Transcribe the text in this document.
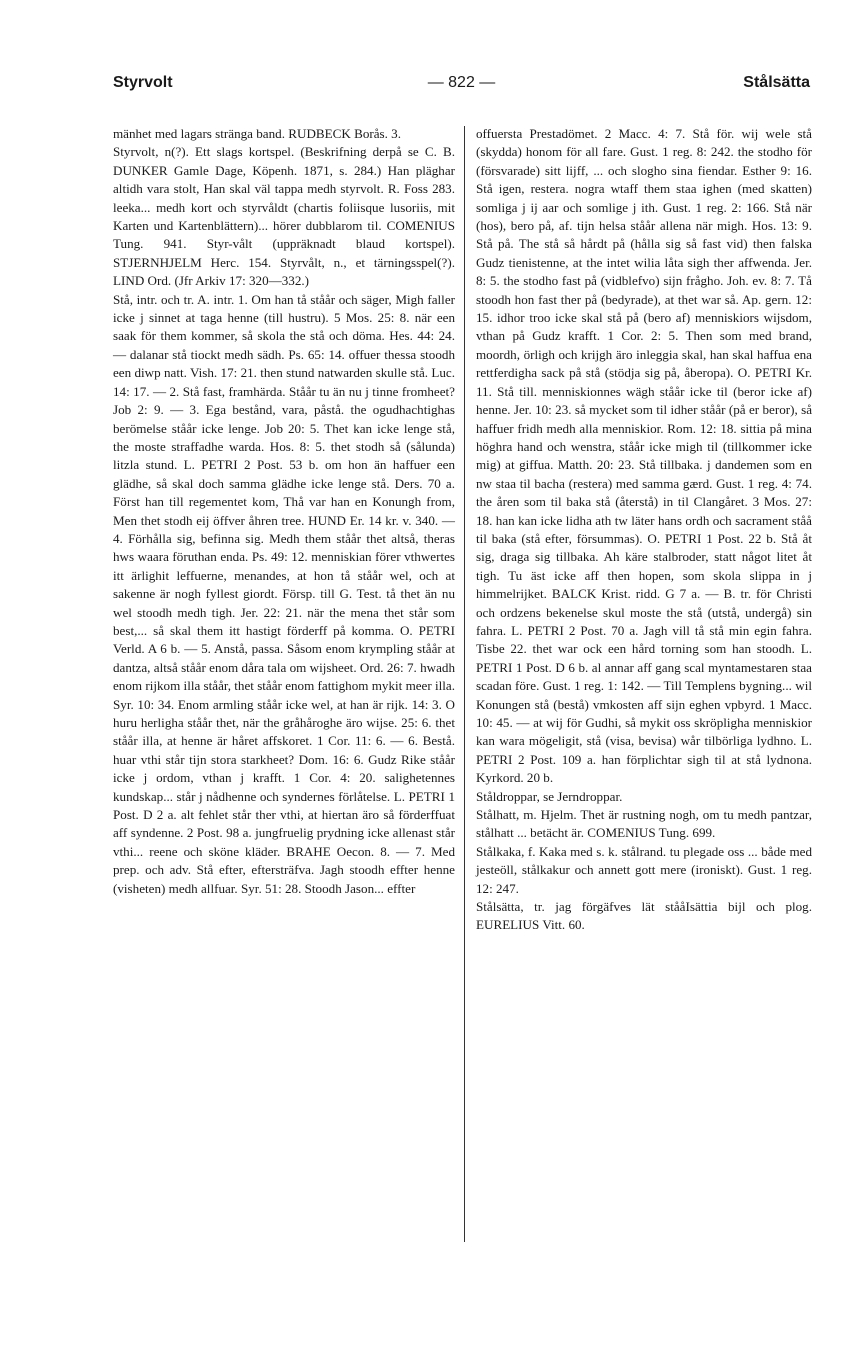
Styrvolt	— 822 —	Stålsätta

mänhet med lagars stränga band. RUDBECK Borås. 3.

Styrvolt, n(?). Ett slags kortspel. (Beskrifning derpå se C. B. DUNKER Gamle Dage, Köpenh. 1871, s. 284.) Han pläghar altidh vara stolt, Han skal väl tappa medh styrvolt. R. Foss 283. leeka... medh kort och styrvåldt (chartis foliisque lusoriis, mit Karten und Kartenblättern)... hörer dubblarom til. COMENIUS Tung. 941. Styr-vålt (uppräknadt blaud kortspel). STJERNHJELM Herc. 154. Styrvålt, n., et tärningsspel(?). LIND Ord. (Jfr Arkiv 17: 320—332.)

Stå, intr. och tr. A. intr. 1. Om han tå ståår och säger, Migh faller icke j sinnet at taga henne (till hustru). 5 Mos. 25: 8. när een saak för them kommer, så skola the stå och döma. Hes. 44: 24. — dalanar stå tiockt medh sädh. Ps. 65: 14. offuer thessa stoodh een diwp natt. Vish. 17: 21. then stund natwarden skulle stå. Luc. 14: 17. — 2. Stå fast, framhärda. Ståår tu än nu j tinne fromheet? Job 2: 9. — 3. Ega bestånd, vara, påstå. the ogudhachtighas berömelse ståår icke lenge. Job 20: 5. Thet kan icke lenge stå, the moste straffadhe warda. Hos. 8: 5. thet stodh så (sålunda) litzla stund. L. PETRI 2 Post. 53 b. om hon än haffuer een glädhe, så skal doch samma glädhe icke lenge stå. Ders. 70 a. Först han till regementet kom, Thå var han en Konungh from, Men thet stodh eij öffver åhren tree. HUND Er. 14 kr. v. 340. — 4. Förhålla sig, befinna sig. Medh them ståår thet altså, theras hws waara föruthan enda. Ps. 49: 12. menniskian förer vthwertes itt ärlighit leffuerne, menandes, at hon tå ståår wel, och at sakenne är nogh fyllest giordt. Försp. till G. Test. tå thet än nu wel stoodh medh tigh. Jer. 22: 21. när the mena thet står som best,... så skal them itt hastigt förderff på komma. O. PETRI Verld. A 6 b. — 5. Anstå, passa. Såsom enom krympling ståår at dantza, altså ståår enom dåra tala om wijsheet. Ord. 26: 7. hwadh enom rijkom illa ståår, thet ståår enom fattighom mykit meer illa. Syr. 10: 34. Enom armling ståår icke wel, at han är rijk. 14: 3. O huru herligha ståår thet, när the gråhåroghe äro wijse. 25: 6. thet ståår illa, at henne är håret affskoret. 1 Cor. 11: 6. — 6. Bestå. huar vthi står tijn stora starkheet? Dom. 16: 6. Gudz Rike ståår icke j ordom, vthan j krafft. 1 Cor. 4: 20. salighetennes kundskap... står j nådhenne och syndernes förlåtelse. L. PETRI 1 Post. D 2 a. alt fehlet står ther vthi, at hiertan äro så förderffuat aff syndenne. 2 Post. 98 a. jungfruelig prydning icke allenast står vthi... reene och sköne kläder. BRAHE Oecon. 8. — 7. Med prep. och adv. Stå efter, eftersträfva. Jagh stoodh effter henne (visheten) medh allfuar. Syr. 51: 28. Stoodh Jason... effter

offuersta Prestadömet. 2 Macc. 4: 7. Stå för. wij wele stå (skydda) honom för all fare. Gust. 1 reg. 8: 242. the stodho för (försvarade) sitt lijff, ... och slogho sina fiendar. Esther 9: 16. Stå igen, restera. nogra wtaff them staa ighen (med skatten) somliga j ij aar och somlige j ith. Gust. 1 reg. 2: 166. Stå när (hos), bero på, af. tijn helsa ståår allena när migh. Hos. 13: 9. Stå på. The stå så hårdt på (hålla sig så fast vid) then falska Gudz tienistenne, at the intet wilia låta sigh ther affwenda. Jer. 8: 5. the stodho fast på (vidblefvo) sijn frågho. Joh. ev. 8: 7. Tå stoodh hon fast ther på (bedyrade), at thet war så. Ap. gern. 12: 15. idhor troo icke skal stå på (bero af) menniskiors wijsdom, vthan på Gudz krafft. 1 Cor. 2: 5. Then som med brand, moordh, örligh och krijgh äro inleggia skal, han skal haffua ena rettferdigha sack på stå (stödja sig på, åberopa). O. PETRI Kr. 11. Stå till. menniskionnes wägh ståår icke til (beror icke af) henne. Jer. 10: 23. så mycket som til idher ståår (på er beror), så haffuer fridh medh alla menniskior. Rom. 12: 18. sittia på mina höghra hand och wenstra, ståår icke migh til (tillkommer icke mig) at giffua. Matth. 20: 23. Stå tillbaka. j dandemen som en nw staa til bacha (restera) med samma gærd. Gust. 1 reg. 4: 74. the åren som til baka stå (återstå) in til Clangåret. 3 Mos. 27: 18. han kan icke lidha ath tw läter hans ordh och sacrament ståå til baka (stå efter, försummas). O. PETRI 1 Post. 22 b. Stå åt sig, draga sig tillbaka. Ah käre stalbroder, statt något litet åt tigh. Tu äst icke aff then hopen, som skola slippa in j himmelrijket. BALCK Krist. ridd. G 7 a. — B. tr. för Christi och ordzens bekenelse skul moste the stå (utstå, undergå) sin fahra. L. PETRI 2 Post. 70 a. Jagh vill tå stå min egin fahra. Tisbe 22. thet war ock een hård torning som han stoodh. L. PETRI 1 Post. D 6 b. al annar aff gang scal myntamestaren staa scadan före. Gust. 1 reg. 1: 142. — Till Templens bygning... wil Konungen stå (bestå) vmkosten aff sijn eghen vpbyrd. 1 Macc. 10: 45. — at wij för Gudhi, så mykit oss skröpligha menniskior kan wara mögeligit, stå (visa, bevisa) wår tilbörliga lydhno. L. PETRI 2 Post. 109 a. han förplichtar sigh til at stå lydnona. Kyrkord. 20 b.

Ståldroppar, se Jerndroppar.

Stålhatt, m. Hjelm. Thet är rustning nogh, om tu medh pantzar, stålhatt ... betächt är. COMENIUS Tung. 699.

Stålkaka, f. Kaka med s. k. stålrand. tu plegade oss ... både med jesteöll, stålkakur och annett gott mere (ironiskt). Gust. 1 reg. 12: 247.

Stålsätta, tr. jag förgäfves lät stååIsättia bijl och plog. EURELIUS Vitt. 60.
